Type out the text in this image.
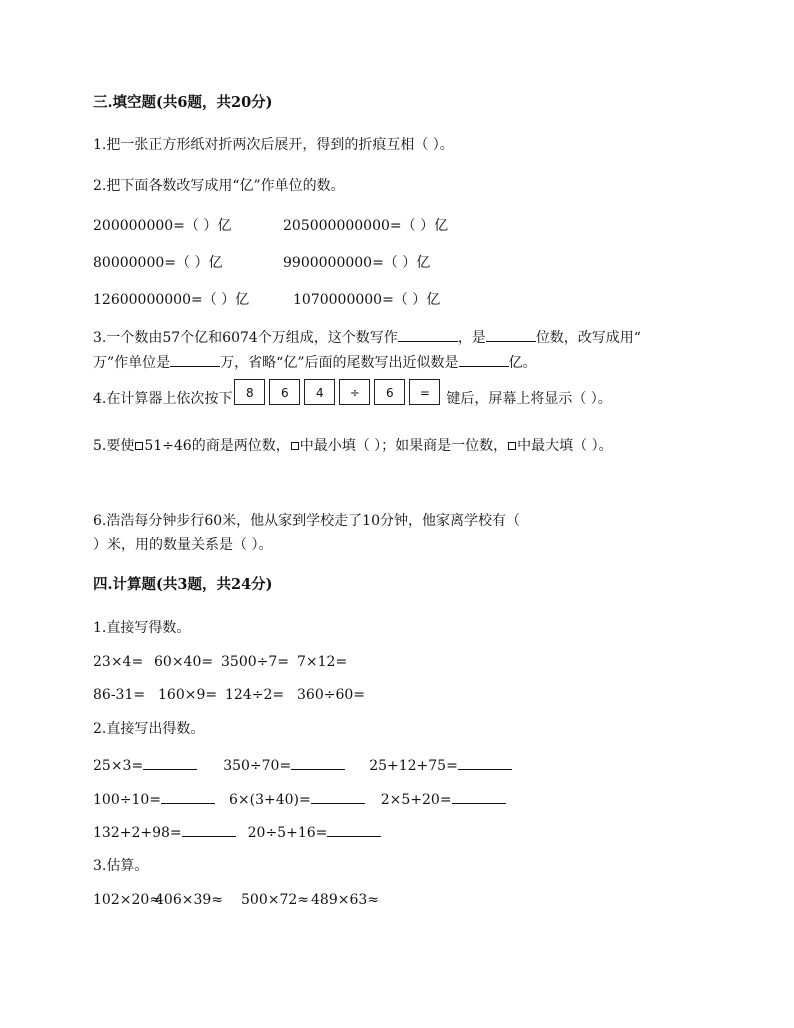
三.填空题(共6题，共20分)
1.把一张正方形纸对折两次后展开，得到的折痕互相（ ）。
2.把下面各数改写成用“亿”作单位的数。
200000000=（ ）亿	205000000000=（ ）亿
80000000=（ ）亿	9900000000=（ ）亿
12600000000=（ ）亿	1070000000=（ ）亿
3.一个数由57个亿和6074个万组成，这个数写作	，是	位数，改写成用“
万”作单位是	万，省略“亿”后面的尾数写出近似数是	亿。
4.在计算器上依次按下 8 6 4 ÷ 6 = 键后，屏幕上将显示（ ）。
5.要使 51÷46的商是两位数， 中最小填（ ）；如果商是一位数， 中最大填（ ）。
6.浩浩每分钟步行60米，他从家到学校走了10分钟，他家离学校有（
）米，用的数量关系是（ ）。
四.计算题(共3题，共24分)
1.直接写得数。
23×4= 60×40= 3500÷7= 7×12=
86-31= 160×9= 124÷2= 360÷60=
2.直接写出得数。
25×3=	350÷70=	25+12+75=
100÷10=	6×(3+40)=	2×5+20=
132+2+98=	20÷5+16=
3.估算。
102×20≈406×39≈ 500×72≈ 489×63≈
